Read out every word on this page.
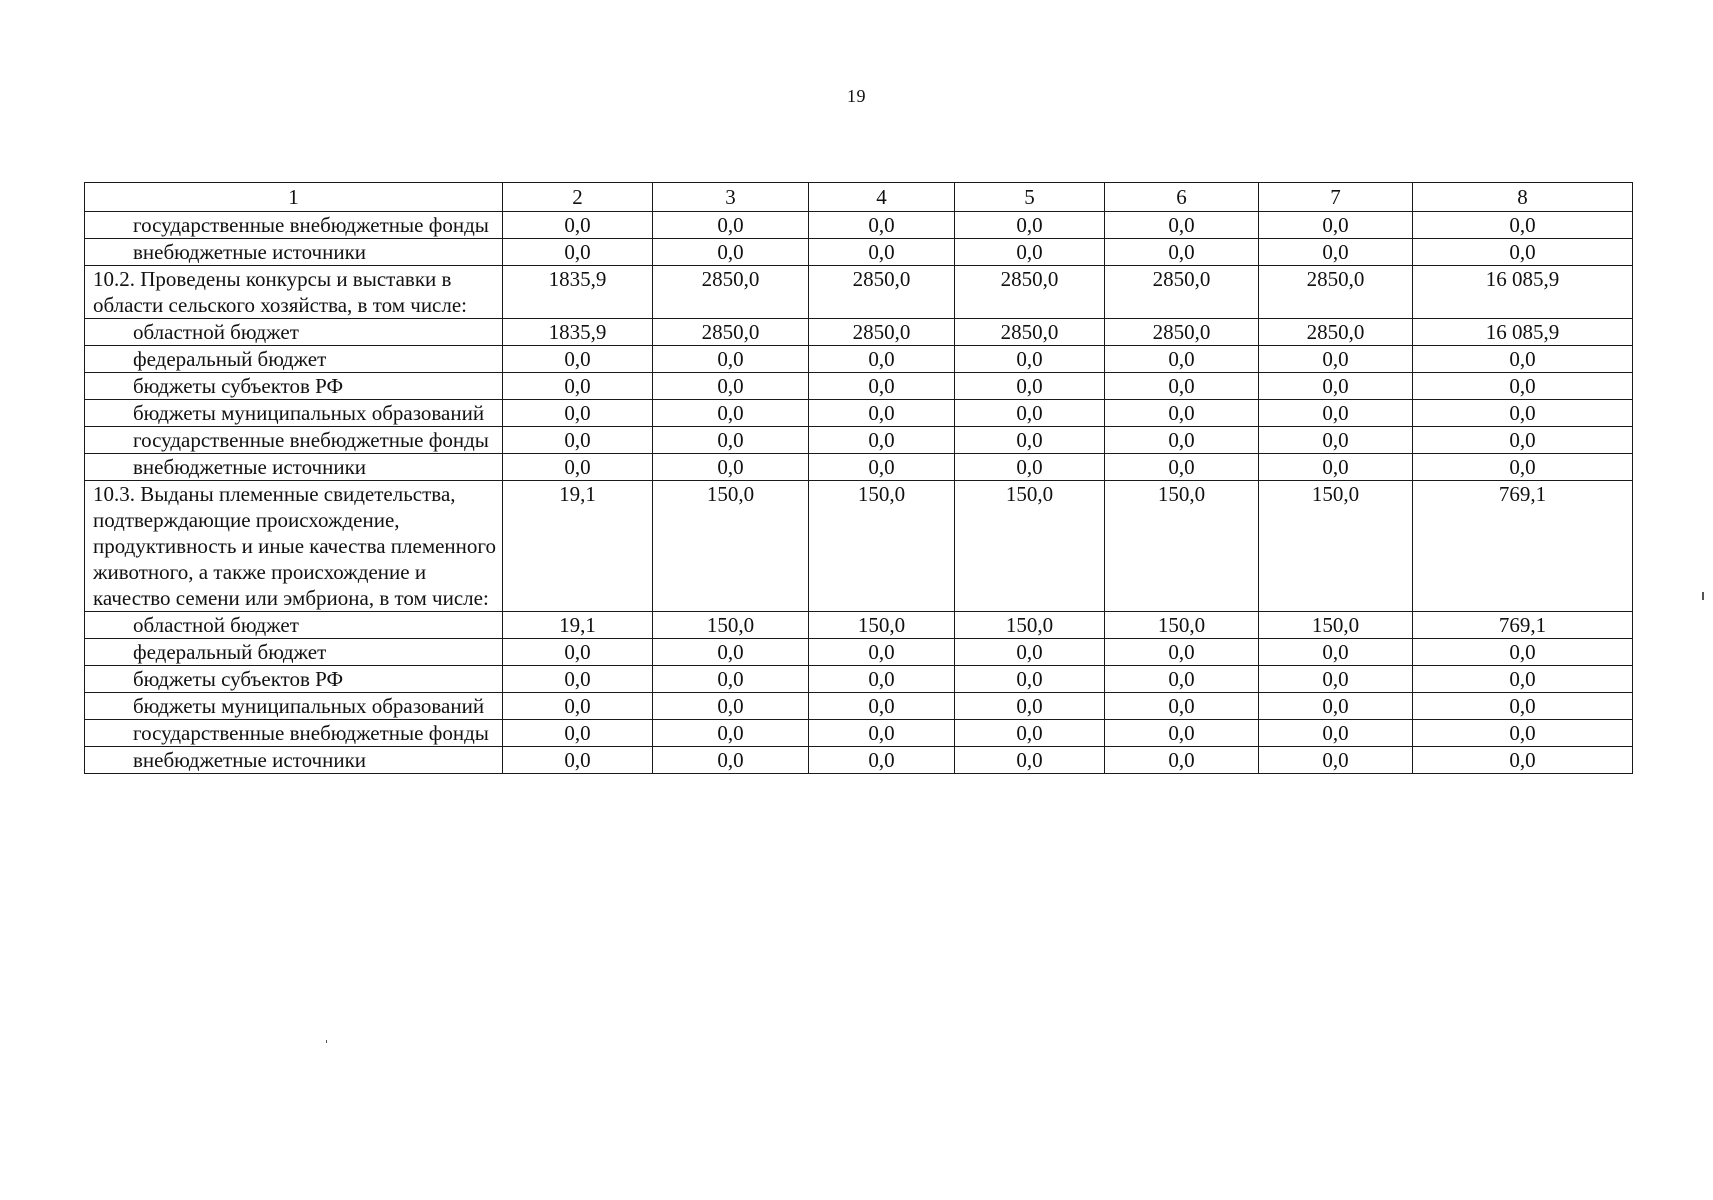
19
1	2	3	4	5	6	7	8
государственные внебюджетные фонды	0,0	0,0	0,0	0,0	0,0	0,0	0,0
внебюджетные источники	0,0	0,0	0,0	0,0	0,0	0,0	0,0
10.2. Проведены конкурсы и выставки в области сельского хозяйства, в том числе:	1835,9	2850,0	2850,0	2850,0	2850,0	2850,0	16 085,9
областной бюджет	1835,9	2850,0	2850,0	2850,0	2850,0	2850,0	16 085,9
федеральный бюджет	0,0	0,0	0,0	0,0	0,0	0,0	0,0
бюджеты субъектов РФ	0,0	0,0	0,0	0,0	0,0	0,0	0,0
бюджеты муниципальных образований	0,0	0,0	0,0	0,0	0,0	0,0	0,0
государственные внебюджетные фонды	0,0	0,0	0,0	0,0	0,0	0,0	0,0
внебюджетные источники	0,0	0,0	0,0	0,0	0,0	0,0	0,0
10.3. Выданы племенные свидетельства, подтверждающие происхождение, продуктивность и иные качества племенного животного, а также происхождение и качество семени или эмбриона, в том числе:	19,1	150,0	150,0	150,0	150,0	150,0	769,1
областной бюджет	19,1	150,0	150,0	150,0	150,0	150,0	769,1
федеральный бюджет	0,0	0,0	0,0	0,0	0,0	0,0	0,0
бюджеты субъектов РФ	0,0	0,0	0,0	0,0	0,0	0,0	0,0
бюджеты муниципальных образований	0,0	0,0	0,0	0,0	0,0	0,0	0,0
государственные внебюджетные фонды	0,0	0,0	0,0	0,0	0,0	0,0	0,0
внебюджетные источники	0,0	0,0	0,0	0,0	0,0	0,0	0,0
